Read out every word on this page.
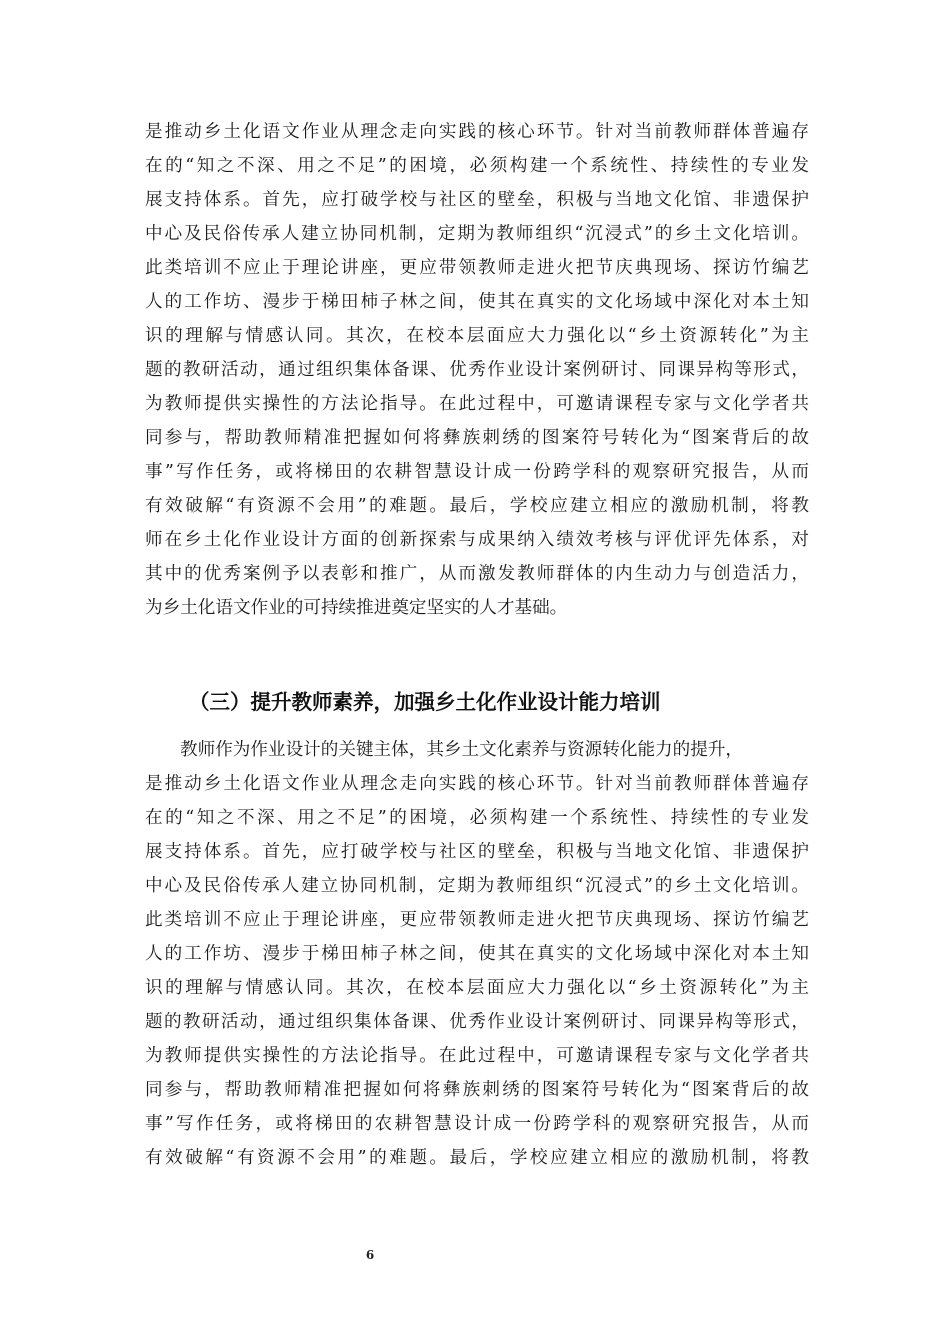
是推动乡土化语文作业从理念走向实践的核心环节。针对当前教师群体普遍存
在的“知之不深、用之不足”的困境，必须构建一个系统性、持续性的专业发
展支持体系。首先，应打破学校与社区的壁垒，积极与当地文化馆、非遗保护
中心及民俗传承人建立协同机制，定期为教师组织“沉浸式”的乡土文化培训。
此类培训不应止于理论讲座，更应带领教师走进火把节庆典现场、探访竹编艺
人的工作坊、漫步于梯田柿子林之间，使其在真实的文化场域中深化对本土知
识的理解与情感认同。其次，在校本层面应大力强化以“乡土资源转化”为主
题的教研活动，通过组织集体备课、优秀作业设计案例研讨、同课异构等形式，
为教师提供实操性的方法论指导。在此过程中，可邀请课程专家与文化学者共
同参与，帮助教师精准把握如何将彝族刺绣的图案符号转化为“图案背后的故
事”写作任务，或将梯田的农耕智慧设计成一份跨学科的观察研究报告，从而
有效破解“有资源不会用”的难题。最后，学校应建立相应的激励机制，将教
师在乡土化作业设计方面的创新探索与成果纳入绩效考核与评优评先体系，对
其中的优秀案例予以表彰和推广，从而激发教师群体的内生动力与创造活力，
为乡土化语文作业的可持续推进奠定坚实的人才基础。
（三）提升教师素养，加强乡土化作业设计能力培训
教师作为作业设计的关键主体，其乡土文化素养与资源转化能力的提升，
是推动乡土化语文作业从理念走向实践的核心环节。针对当前教师群体普遍存
在的“知之不深、用之不足”的困境，必须构建一个系统性、持续性的专业发
展支持体系。首先，应打破学校与社区的壁垒，积极与当地文化馆、非遗保护
中心及民俗传承人建立协同机制，定期为教师组织“沉浸式”的乡土文化培训。
此类培训不应止于理论讲座，更应带领教师走进火把节庆典现场、探访竹编艺
人的工作坊、漫步于梯田柿子林之间，使其在真实的文化场域中深化对本土知
识的理解与情感认同。其次，在校本层面应大力强化以“乡土资源转化”为主
题的教研活动，通过组织集体备课、优秀作业设计案例研讨、同课异构等形式，
为教师提供实操性的方法论指导。在此过程中，可邀请课程专家与文化学者共
同参与，帮助教师精准把握如何将彝族刺绣的图案符号转化为“图案背后的故
事”写作任务，或将梯田的农耕智慧设计成一份跨学科的观察研究报告，从而
有效破解“有资源不会用”的难题。最后，学校应建立相应的激励机制，将教
6
